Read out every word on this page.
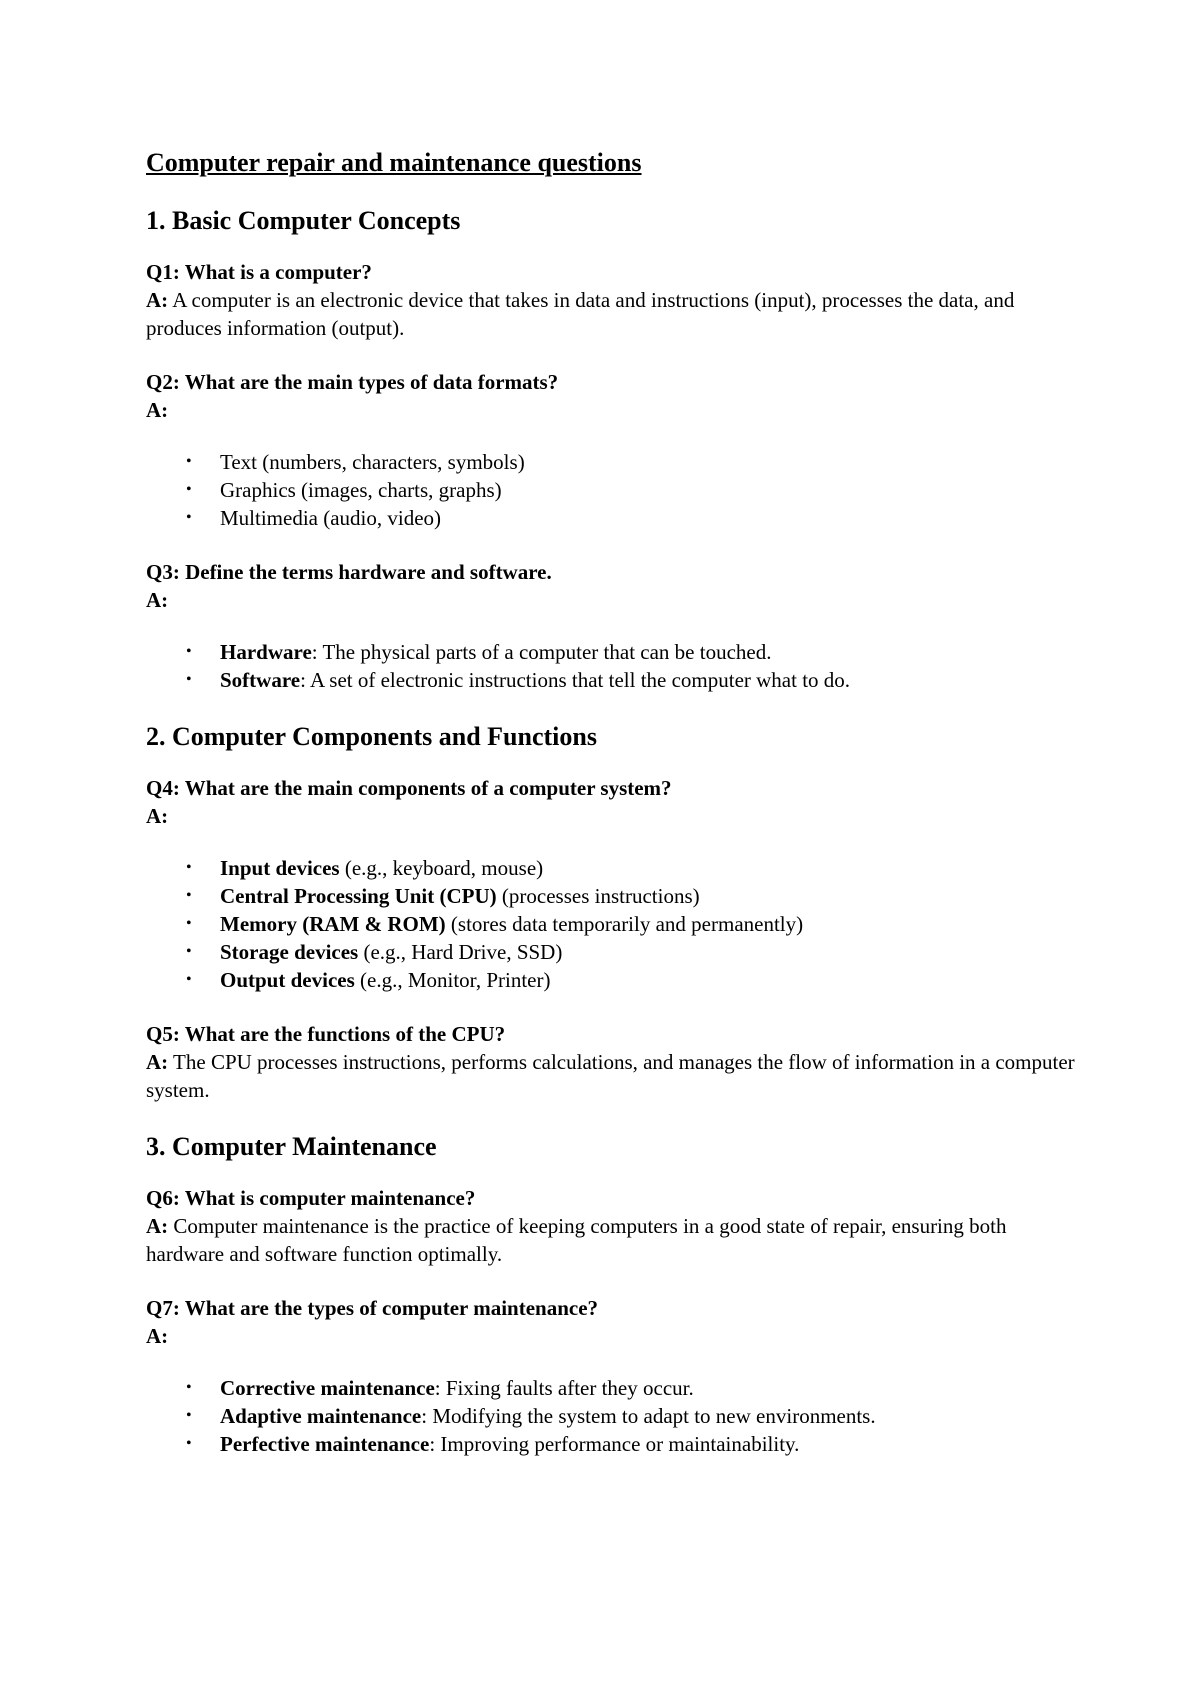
Computer repair and maintenance questions
1. Basic Computer Concepts
Q1: What is a computer?
A: A computer is an electronic device that takes in data and instructions (input), processes the data, and produces information (output).
Q2: What are the main types of data formats?
A:
• Text (numbers, characters, symbols)
• Graphics (images, charts, graphs)
• Multimedia (audio, video)
Q3: Define the terms hardware and software.
A:
• Hardware: The physical parts of a computer that can be touched.
• Software: A set of electronic instructions that tell the computer what to do.
2. Computer Components and Functions
Q4: What are the main components of a computer system?
A:
• Input devices (e.g., keyboard, mouse)
• Central Processing Unit (CPU) (processes instructions)
• Memory (RAM & ROM) (stores data temporarily and permanently)
• Storage devices (e.g., Hard Drive, SSD)
• Output devices (e.g., Monitor, Printer)
Q5: What are the functions of the CPU?
A: The CPU processes instructions, performs calculations, and manages the flow of information in a computer system.
3. Computer Maintenance
Q6: What is computer maintenance?
A: Computer maintenance is the practice of keeping computers in a good state of repair, ensuring both hardware and software function optimally.
Q7: What are the types of computer maintenance?
A:
• Corrective maintenance: Fixing faults after they occur.
• Adaptive maintenance: Modifying the system to adapt to new environments.
• Perfective maintenance: Improving performance or maintainability.
